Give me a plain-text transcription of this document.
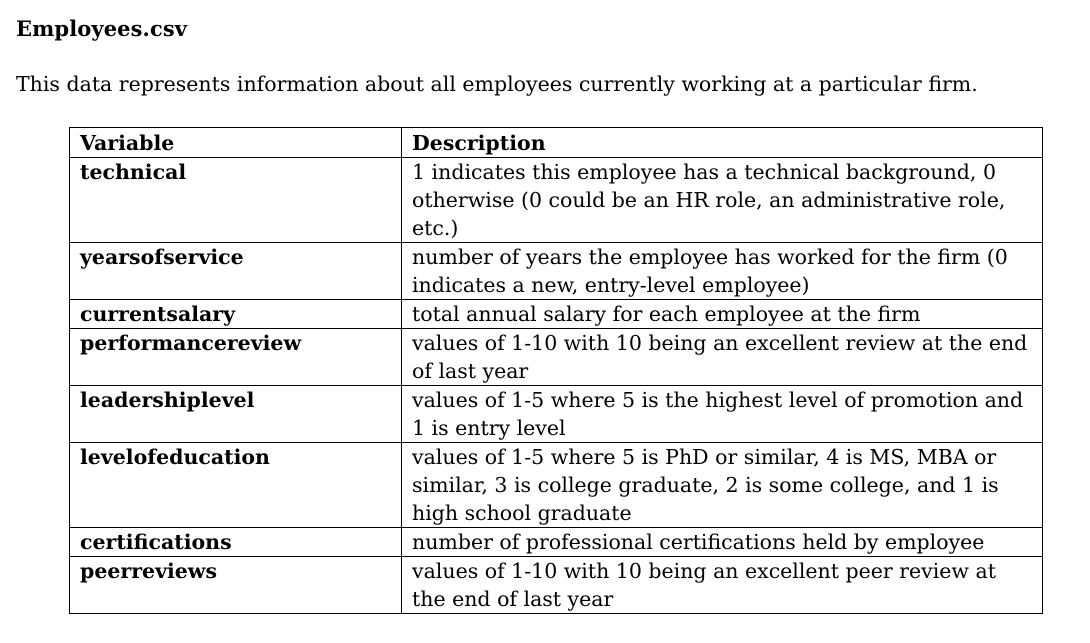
Employees.csv
This data represents information about all employees currently working at a particular firm.
Variable	Description
technical	1 indicates this employee has a technical background, 0 otherwise (0 could be an HR role, an administrative role, etc.)
yearsofservice	number of years the employee has worked for the firm (0 indicates a new, entry-level employee)
currentsalary	total annual salary for each employee at the firm
performancereview	values of 1-10 with 10 being an excellent review at the end of last year
leadershiplevel	values of 1-5 where 5 is the highest level of promotion and 1 is entry level
levelofeducation	values of 1-5 where 5 is PhD or similar, 4 is MS, MBA or similar, 3 is college graduate, 2 is some college, and 1 is high school graduate
certifications	number of professional certifications held by employee
peerreviews	values of 1-10 with 10 being an excellent peer review at the end of last year
